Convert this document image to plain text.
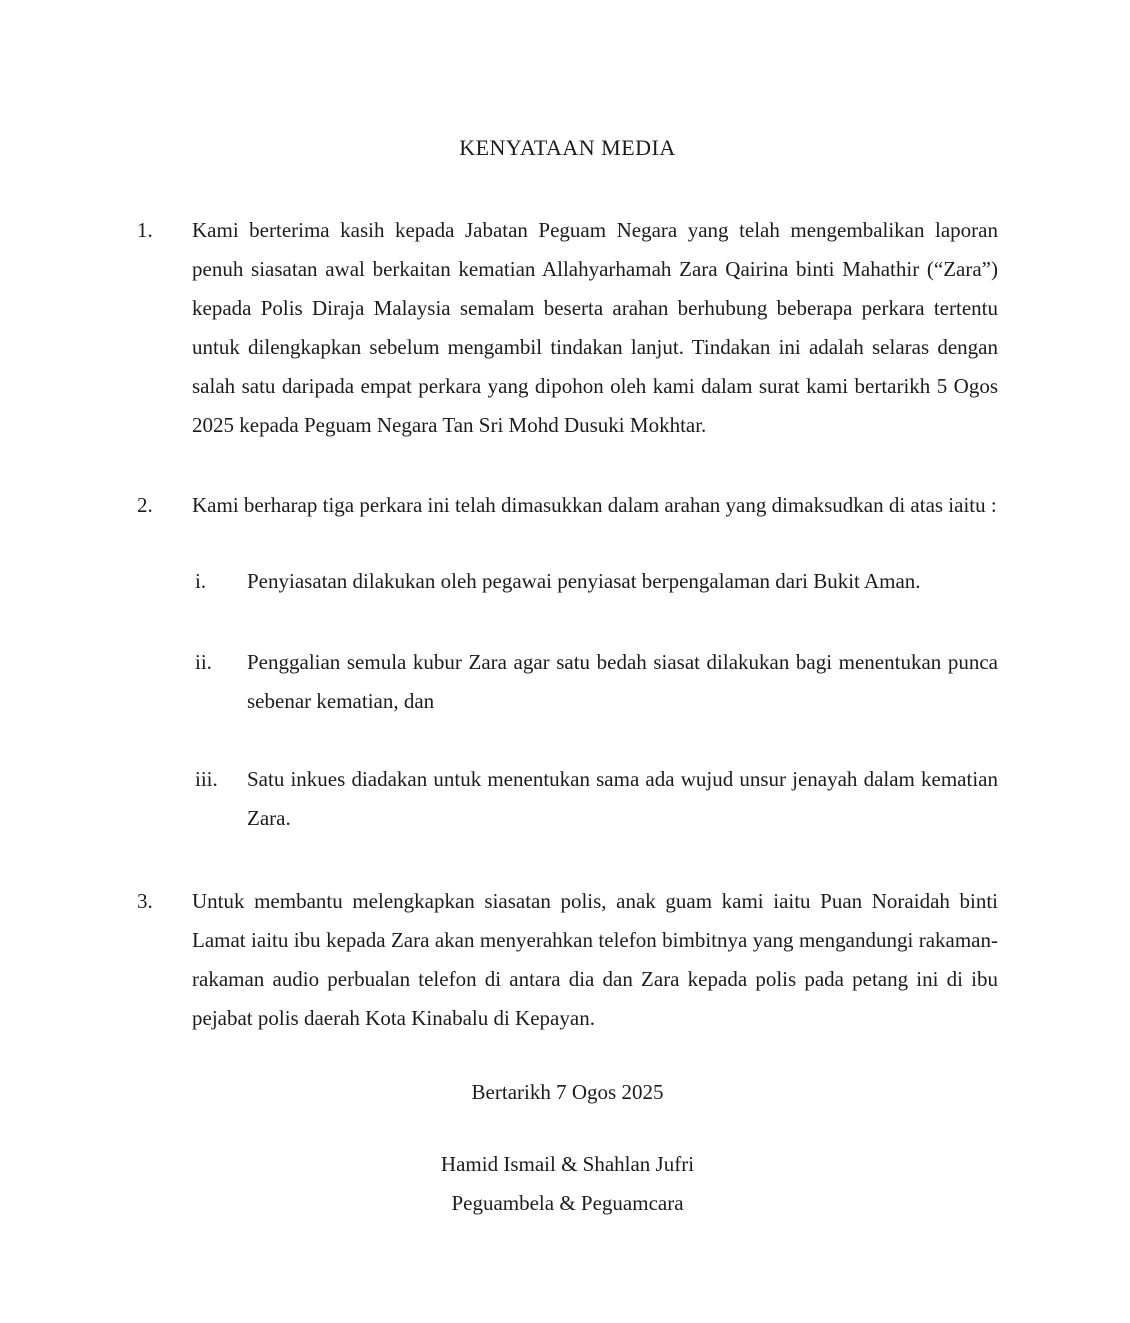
KENYATAAN MEDIA
1.	Kami berterima kasih kepada Jabatan Peguam Negara yang telah mengembalikan laporan penuh siasatan awal berkaitan kematian Allahyarhamah Zara Qairina binti Mahathir (“Zara”) kepada Polis Diraja Malaysia semalam beserta arahan berhubung beberapa perkara tertentu untuk dilengkapkan sebelum mengambil tindakan lanjut. Tindakan ini adalah selaras dengan salah satu daripada empat perkara yang dipohon oleh kami dalam surat kami bertarikh 5 Ogos 2025 kepada Peguam Negara Tan Sri Mohd Dusuki Mokhtar.
2.	Kami berharap tiga perkara ini telah dimasukkan dalam arahan yang dimaksudkan di atas iaitu :
i.	Penyiasatan dilakukan oleh pegawai penyiasat berpengalaman dari Bukit Aman.
ii.	Penggalian semula kubur Zara agar satu bedah siasat dilakukan bagi menentukan punca sebenar kematian, dan
iii.	Satu inkues diadakan untuk menentukan sama ada wujud unsur jenayah dalam kematian Zara.
3.	Untuk membantu melengkapkan siasatan polis, anak guam kami iaitu Puan Noraidah binti Lamat iaitu ibu kepada Zara akan menyerahkan telefon bimbitnya yang mengandungi rakaman-rakaman audio perbualan telefon di antara dia dan Zara kepada polis pada petang ini di ibu pejabat polis daerah Kota Kinabalu di Kepayan.
Bertarikh 7 Ogos 2025
Hamid Ismail & Shahlan Jufri
Peguambela & Peguamcara
